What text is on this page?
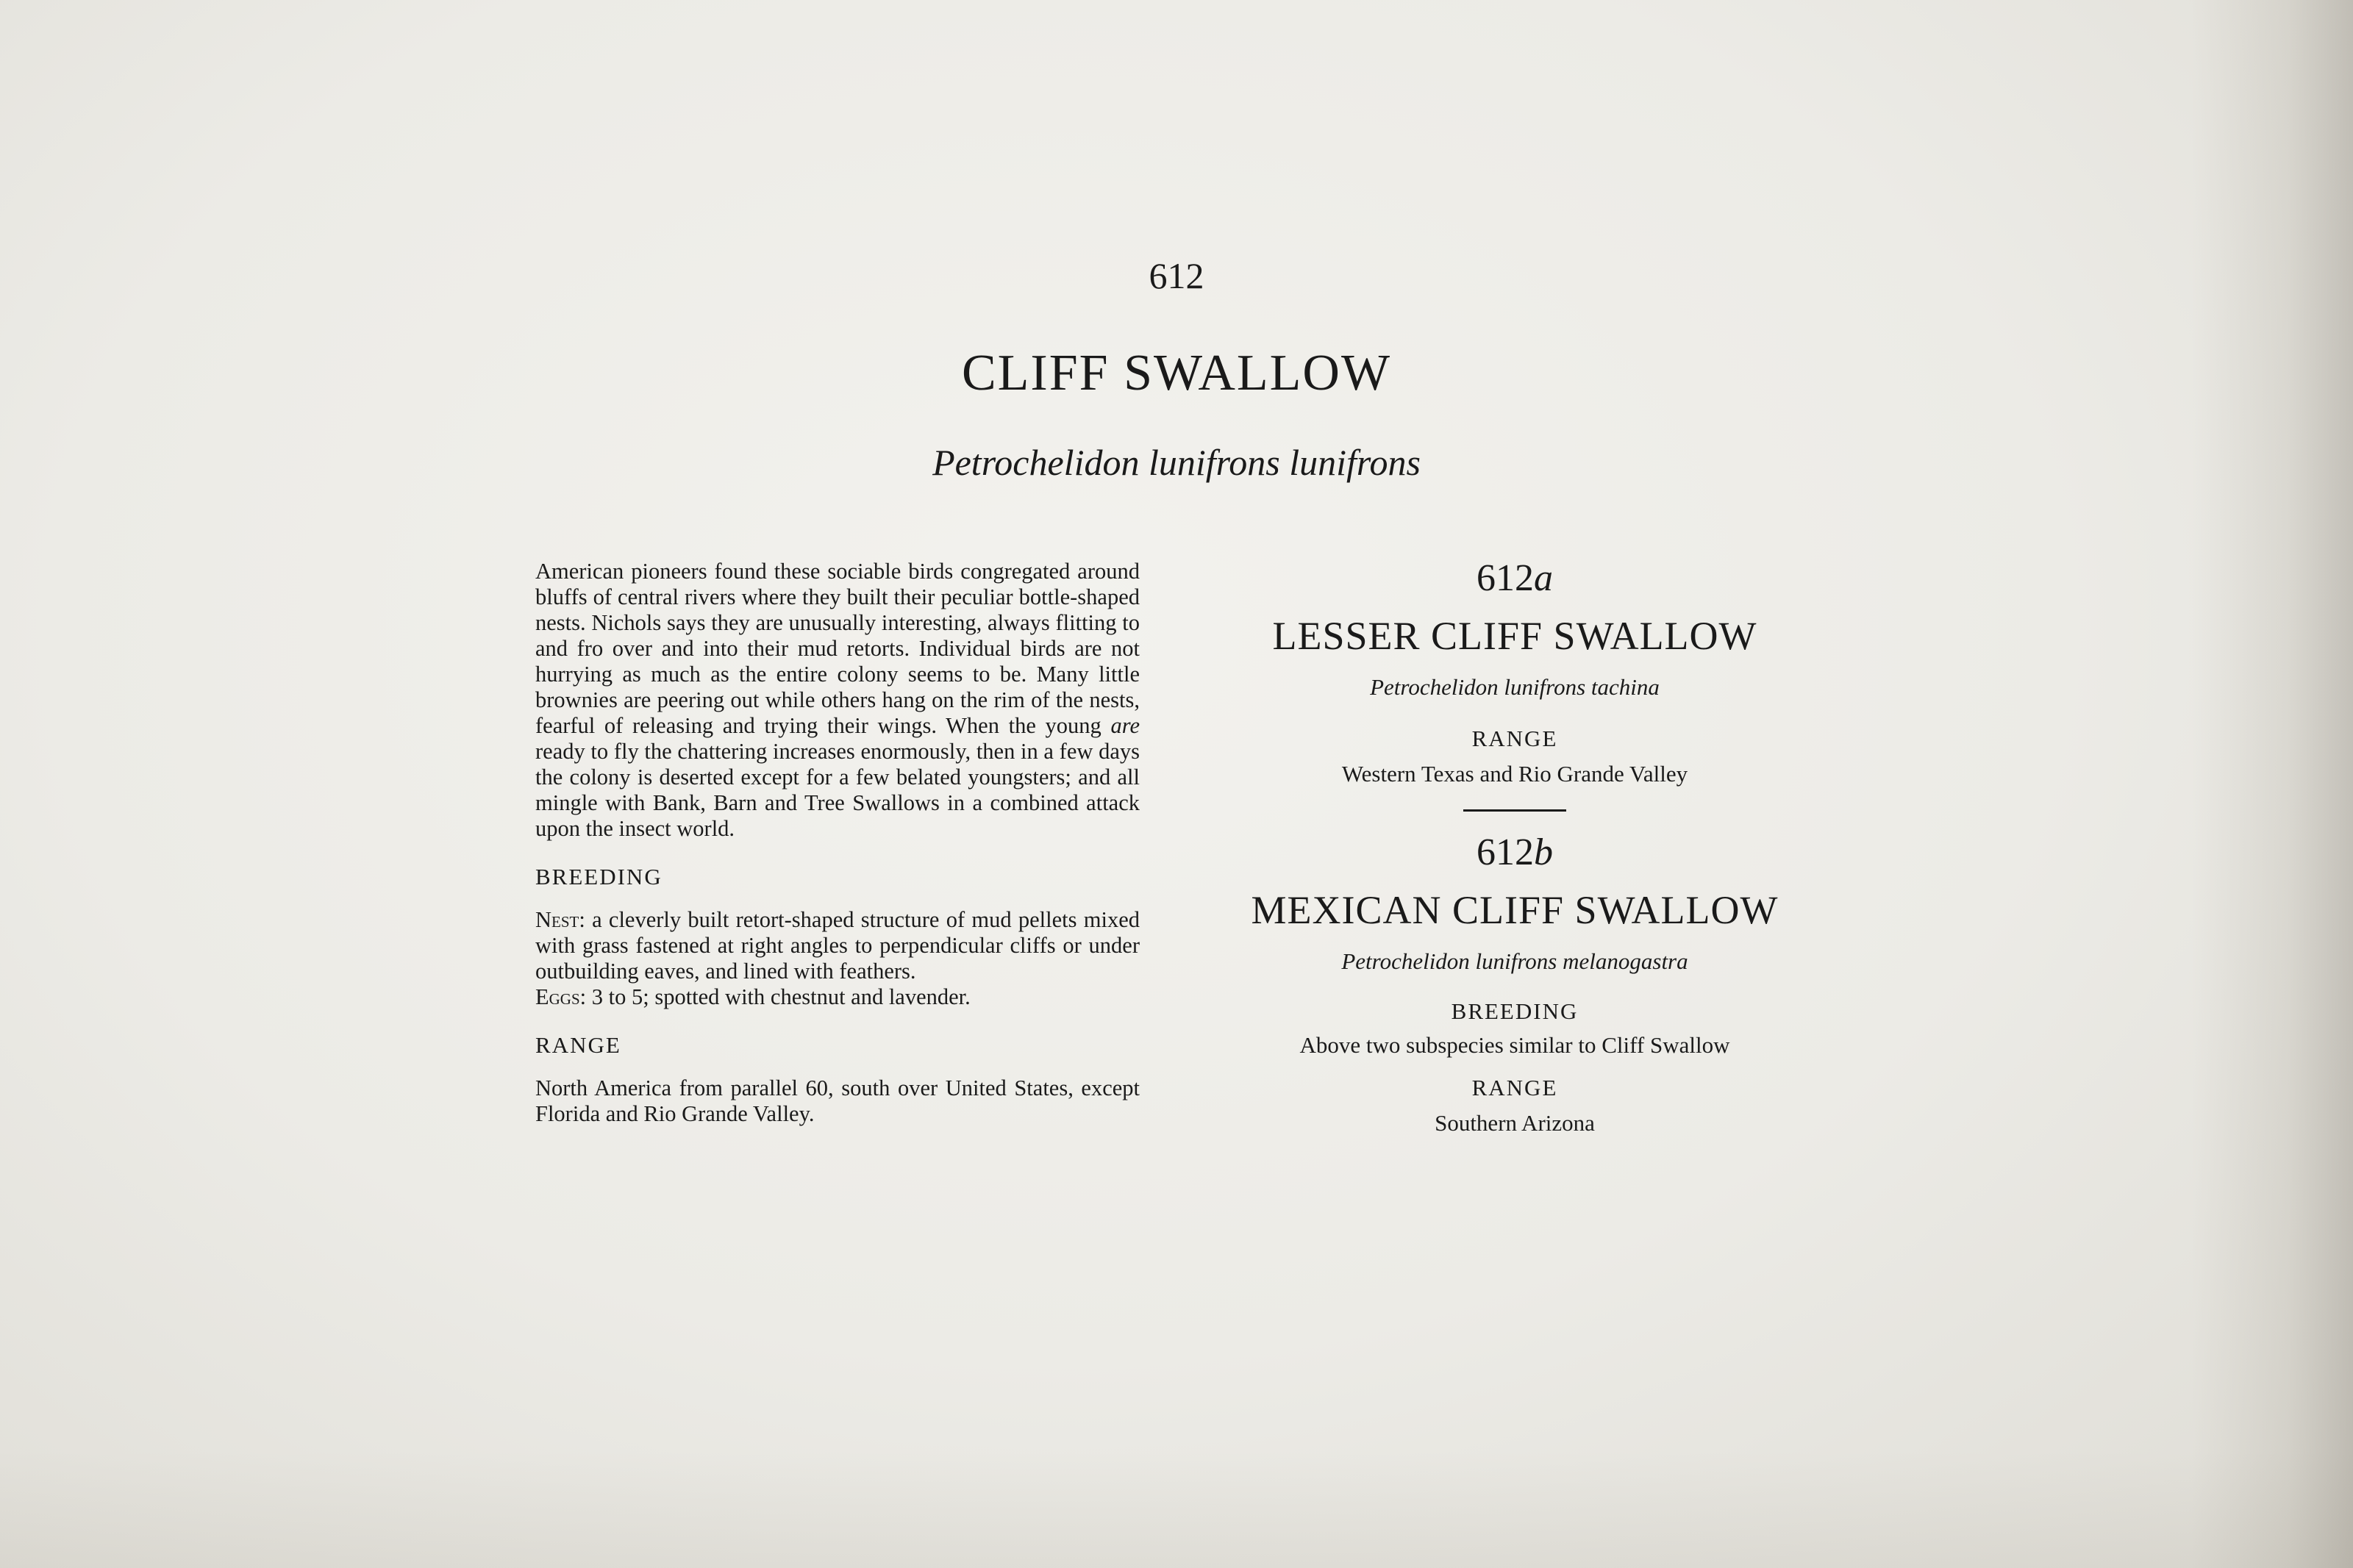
612
CLIFF SWALLOW
Petrochelidon lunifrons lunifrons

American pioneers found these sociable birds congregated around bluffs of central rivers where they built their peculiar bottle-shaped nests. Nichols says they are unusually interesting, always flitting to and fro over and into their mud retorts. Individual birds are not hurrying as much as the entire colony seems to be. Many little brownies are peering out while others hang on the rim of the nests, fearful of releasing and trying their wings. When the young are ready to fly the chattering increases enormously, then in a few days the colony is deserted except for a few belated youngsters; and all mingle with Bank, Barn and Tree Swallows in a combined attack upon the insect world.

BREEDING

Nest: a cleverly built retort-shaped structure of mud pellets mixed with grass fastened at right angles to perpendicular cliffs or under outbuilding eaves, and lined with feathers.

Eggs: 3 to 5; spotted with chestnut and lavender.

RANGE

North America from parallel 60, south over United States, except Florida and Rio Grande Valley.

612a

LESSER CLIFF SWALLOW

Petrochelidon lunifrons tachina

RANGE

Western Texas and Rio Grande Valley

612b

MEXICAN CLIFF SWALLOW

Petrochelidon lunifrons melanogastra

BREEDING

Above two subspecies similar to Cliff Swallow

RANGE

Southern Arizona
